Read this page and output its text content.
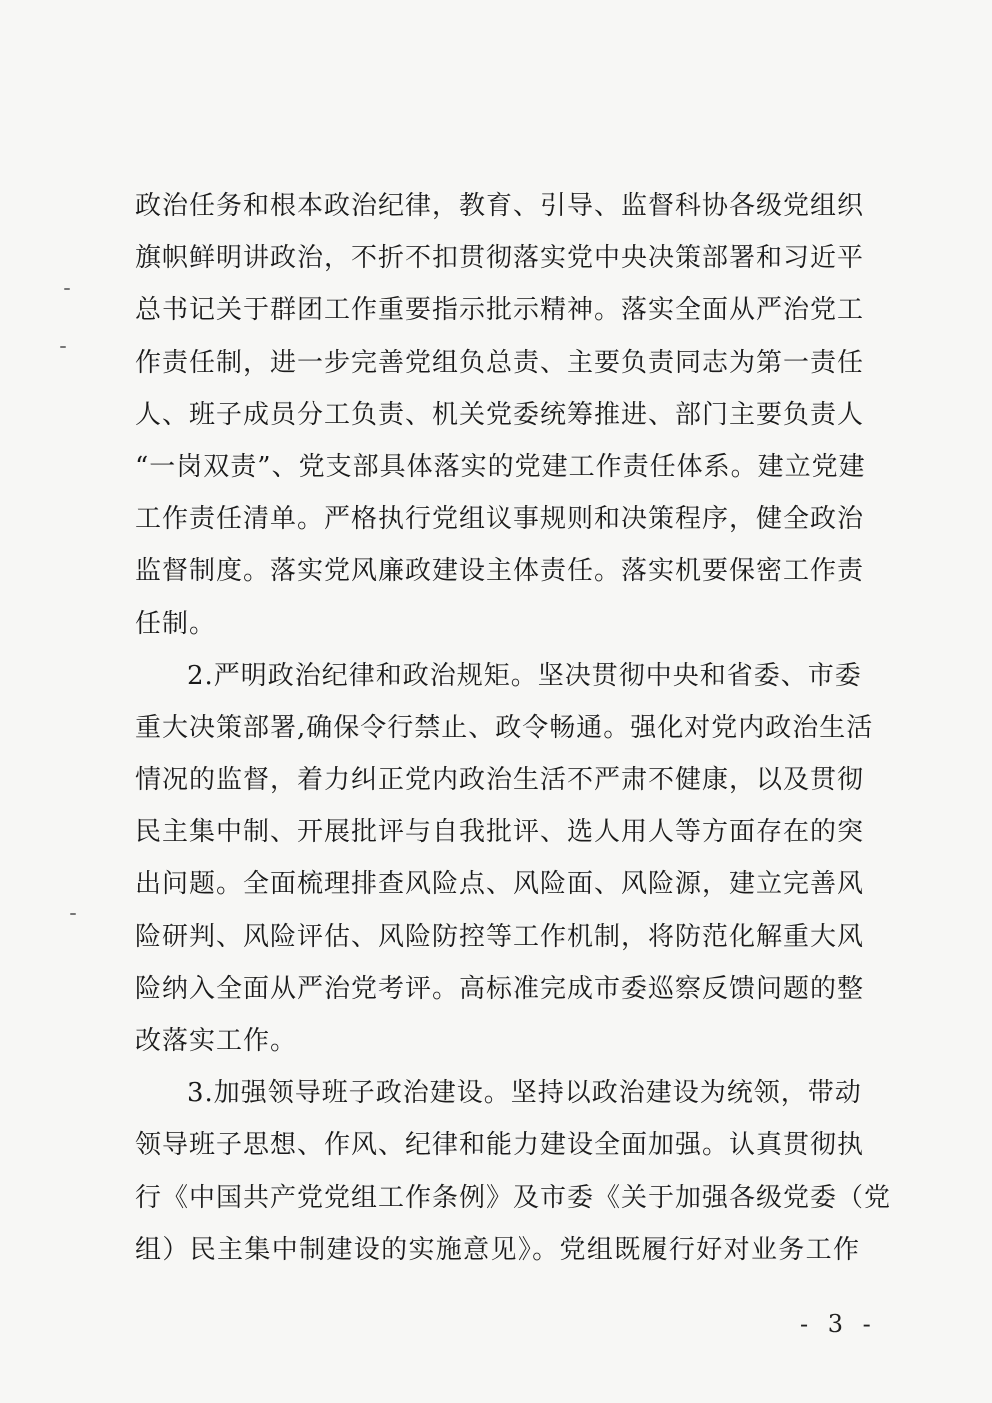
政治任务和根本政治纪律，教育、引导、监督科协各级党组织
旗帜鲜明讲政治，不折不扣贯彻落实党中央决策部署和习近平
总书记关于群团工作重要指示批示精神。落实全面从严治党工
作责任制，进一步完善党组负总责、主要负责同志为第一责任
人、班子成员分工负责、机关党委统筹推进、部门主要负责人
“一岗双责”、党支部具体落实的党建工作责任体系。建立党建
工作责任清单。严格执行党组议事规则和决策程序，健全政治
监督制度。落实党风廉政建设主体责任。落实机要保密工作责
任制。
2.严明政治纪律和政治规矩。坚决贯彻中央和省委、市委
重大决策部署,确保令行禁止、政令畅通。强化对党内政治生活
情况的监督，着力纠正党内政治生活不严肃不健康，以及贯彻
民主集中制、开展批评与自我批评、选人用人等方面存在的突
出问题。全面梳理排查风险点、风险面、风险源，建立完善风
险研判、风险评估、风险防控等工作机制，将防范化解重大风
险纳入全面从严治党考评。高标准完成市委巡察反馈问题的整
改落实工作。
3.加强领导班子政治建设。坚持以政治建设为统领，带动
领导班子思想、作风、纪律和能力建设全面加强。认真贯彻执
行《中国共产党党组工作条例》及市委《关于加强各级党委（党
组）民主集中制建设的实施意见》。党组既履行好对业务工作
- 3 -
